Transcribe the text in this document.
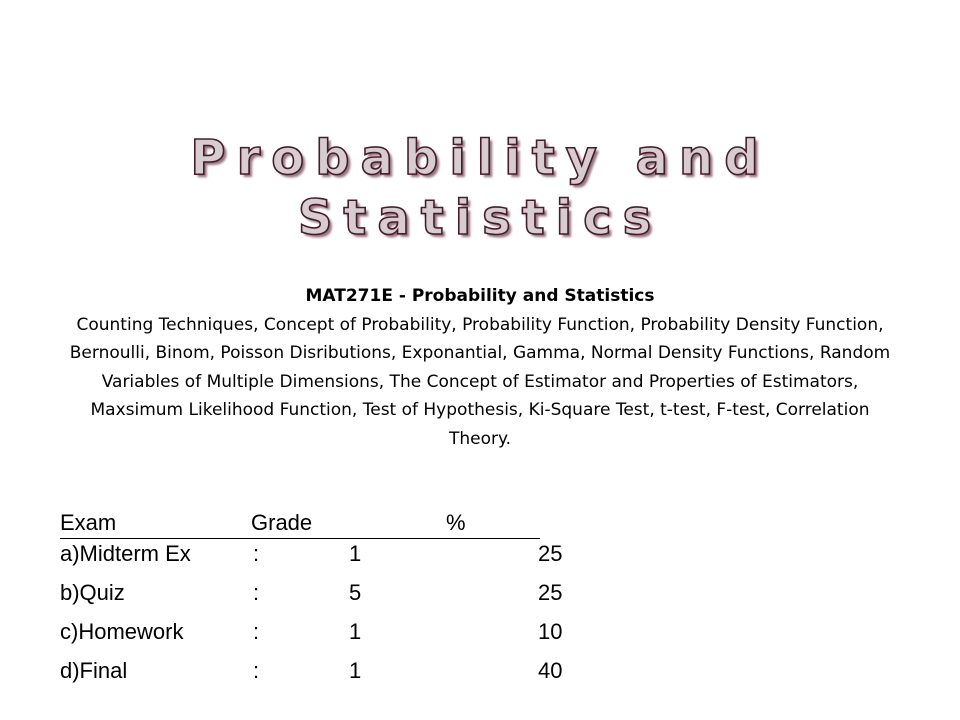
Probability and
Statistics
MAT271E - Probability and Statistics
Counting Techniques, Concept of Probability, Probability Function, Probability Density Function, Bernoulli, Binom, Poisson Disributions, Exponantial, Gamma, Normal Density Functions, Random Variables of Multiple Dimensions, The Concept of Estimator and Properties of Estimators, Maxsimum Likelihood Function, Test of Hypothesis, Ki-Square Test, t-test, F-test, Correlation Theory.
Exam	Grade	%
a)Midterm Ex	:	1	25
b)Quiz	:	5	25
c)Homework	:	1	10
d)Final	:	1	40
